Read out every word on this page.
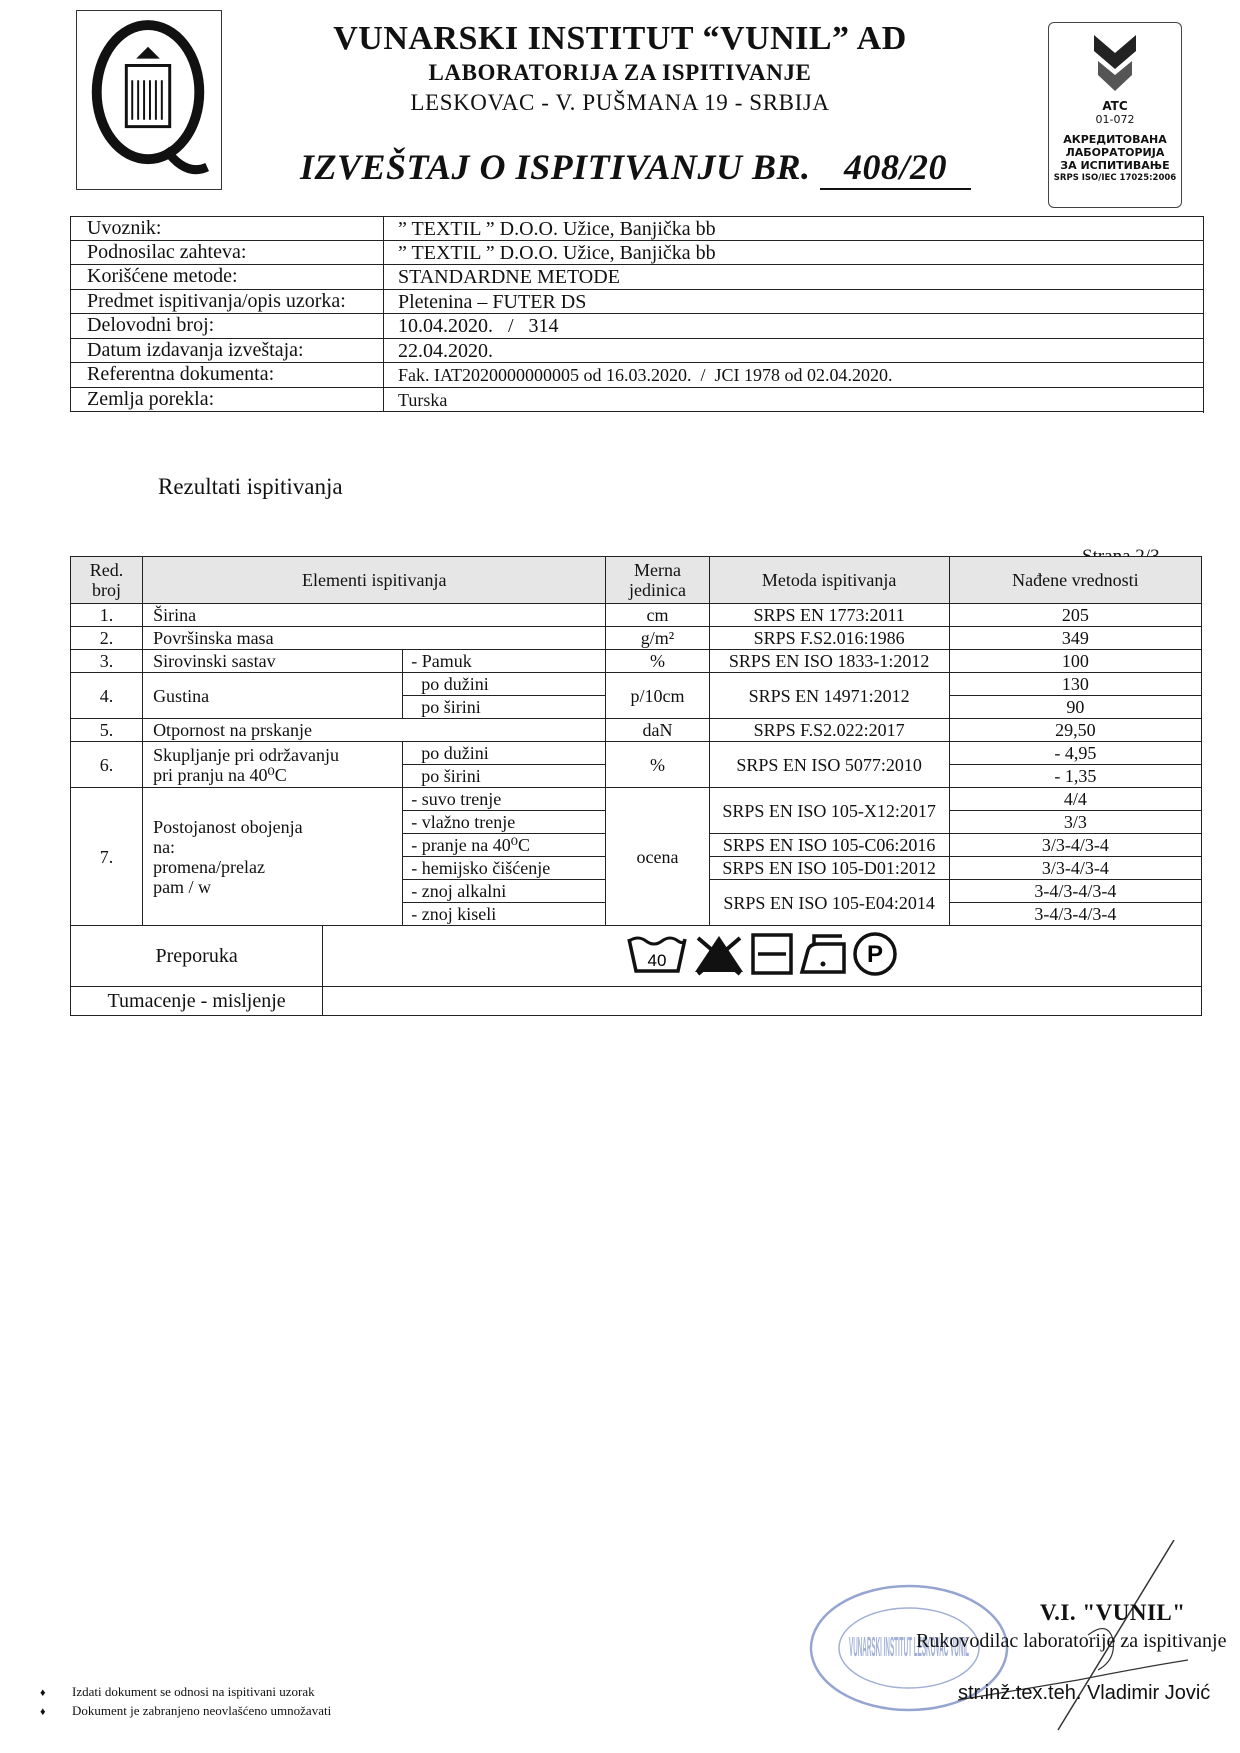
VUNARSKI INSTITUT “VUNIL” AD
LABORATORIJA ZA ISPITIVANJE
LESKOVAC - V. PUŠMANA 19 - SRBIJA
IZVEŠTAJ O ISPITIVANJU BR. 408/20
ATC
01-072
АКРЕДИТОВАНА
ЛАБОРАТОРИЈА
ЗА ИСПИТИВАЊЕ
SRPS ISO/IEC 17025:2006
Uvoznik:	” TEXTIL ” D.O.O. Užice, Banjička bb
Podnosilac zahteva:	” TEXTIL ” D.O.O. Užice, Banjička bb
Korišćene metode:	STANDARDNE METODE
Predmet ispitivanja/opis uzorka:	Pletenina – FUTER DS
Delovodni broj:	10.04.2020.   /   314
Datum izdavanja izveštaja:	22.04.2020.
Referentna dokumenta:	Fak. IAT2020000000005 od 16.03.2020.  /  JCI 1978 od 02.04.2020.
Zemlja porekla:	Turska
Rezultati ispitivanja
Red. broj	Elementi ispitivanja			Merna jedinica	Metoda ispitivanja	Nađene vrednosti
1.	Širina			cm	SRPS EN 1773:2011	205
2.	Površinska masa			g/m²	SRPS F.S2.016:1986	349
3.	Sirovinski sastav		- Pamuk	%	SRPS EN ISO 1833-1:2012	100
4.	Gustina		po dužini	p/10cm	SRPS EN 14971:2012	130
			po širini			90
5.	Otpornost na prskanje			daN	SRPS F.S2.022:2017	29,50
6.	Skupljanje pri održavanju
pri pranju na 40⁰C		po dužini	%	SRPS EN ISO 5077:2010	- 4,95
			po širini			- 1,35
7.	Postojanost obojenja
na:
promena/prelaz
pam / w		- suvo trenje	ocena	SRPS EN ISO 105-X12:2017	4/4
			- vlažno trenje			3/3
			- pranje na 40⁰C		SRPS EN ISO 105-C06:2016	3/3-4/3-4
			- hemijsko čišćenje		SRPS EN ISO 105-D01:2012	3/3-4/3-4
			- znoj alkalni		SRPS EN ISO 105-E04:2014	3-4/3-4/3-4
			- znoj kiseli			3-4/3-4/3-4
Preporuka		40 P				

Tumacenje - misljenje						
♦ Izdati dokument se odnosi na ispitivani uzorak
♦ Dokument je zabranjeno neovlašćeno umnožavati
VUNARSKI INSTITUT LESKOVAC VUNIL
V.I. "VUNIL"
Rukovodilac laboratorije za ispitivanje
str.inž.tex.teh. Vladimir Jović
